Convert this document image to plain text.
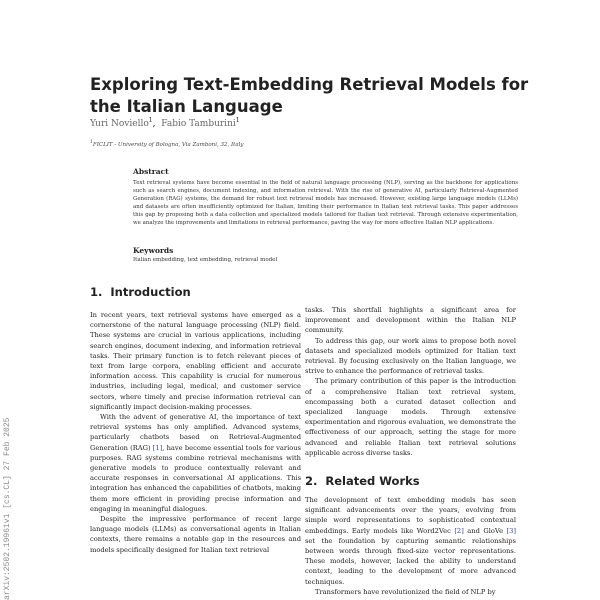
arXiv:2502.19961v1 [cs.CL] 27 Feb 2025
Exploring Text-Embedding Retrieval Models for the Italian Language
Yuri Noviello$^1$, Fabio Tamburini$^1$
$^1$FICLIT - University of Bologna, Via Zamboni, 32, Italy
Abstract
Text retrieval systems have become essential in the field of natural language processing (NLP), serving as the backbone for applications such as search engines, document indexing, and information retrieval. With the rise of generative AI, particularly Retrieval-Augmented Generation (RAG) systems, the demand for robust text retrieval models has increased. However, existing large language models (LLMs) and datasets are often insufficiently optimized for Italian, limiting their performance in Italian text retrieval tasks. This paper addresses this gap by proposing both a data collection and specialized models tailored for Italian text retrieval. Through extensive experimentation, we analyze the improvements and limitations in retrieval performance, paving the way for more effective Italian NLP applications.
Keywords
Italian embedding, text embedding, retrieval model
1. Introduction

In recent years, text retrieval systems have emerged as a cornerstone of the natural language processing (NLP) field. These systems are crucial in various applications, including search engines, document indexing, and information retrieval tasks. Their primary function is to fetch relevant pieces of text from large corpora, enabling efficient and accurate information access. This capability is crucial for numerous industries, including legal, medical, and customer service sectors, where timely and precise information retrieval can significantly impact decision-making processes.

With the advent of generative AI, the importance of text retrieval systems has only amplified. Advanced systems, particularly chatbots based on Retrieval-Augmented Generation (RAG) [1], have become essential tools for various purposes. RAG systems combine retrieval mechanisms with generative models to produce contextually relevant and accurate responses in conversational AI applications. This integration has enhanced the capabilities of chatbots, making them more efficient in providing precise information and engaging in meaningful dialogues.

Despite the impressive performance of recent large language models (LLMs) as conversational agents in Italian contexts, there remains a notable gap in the resources and models specifically designed for Italian text retrieval

tasks. This shortfall highlights a significant area for improvement and development within the Italian NLP community.

To address this gap, our work aims to propose both novel datasets and specialized models optimized for Italian text retrieval. By focusing exclusively on the Italian language, we strive to enhance the performance of retrieval tasks.

The primary contribution of this paper is the introduction of a comprehensive Italian text retrieval system, encompassing both a curated dataset collection and specialized language models. Through extensive experimentation and rigorous evaluation, we demonstrate the effectiveness of our approach, setting the stage for more advanced and reliable Italian text retrieval solutions applicable across diverse tasks.

2. Related Works

The development of text embedding models has seen significant advancements over the years, evolving from simple word representations to sophisticated contextual embeddings. Early models like Word2Vec [2] and GloVe [3] set the foundation by capturing semantic relationships between words through fixed-size vector representations. These models, however, lacked the ability to understand context, leading to the development of more advanced techniques.

Transformers have revolutionized the field of NLP by
